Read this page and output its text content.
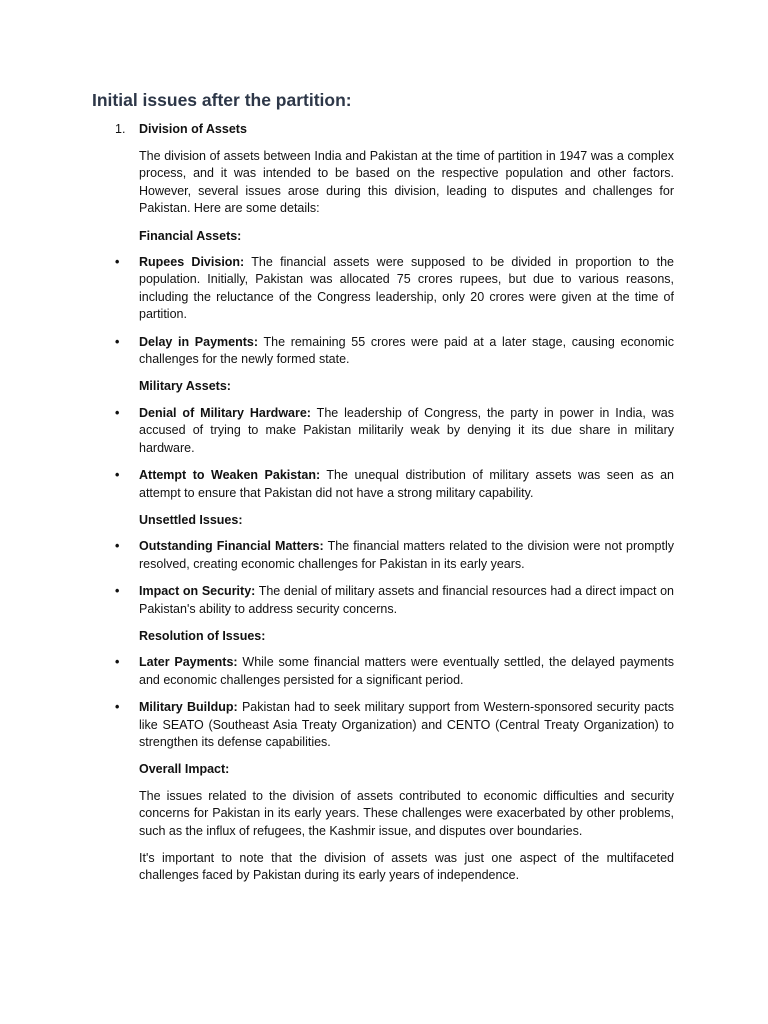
Initial issues after the partition:
1. Division of Assets

The division of assets between India and Pakistan at the time of partition in 1947 was a complex process, and it was intended to be based on the respective population and other factors. However, several issues arose during this division, leading to disputes and challenges for Pakistan. Here are some details:

Financial Assets:

• Rupees Division: The financial assets were supposed to be divided in proportion to the population. Initially, Pakistan was allocated 75 crores rupees, but due to various reasons, including the reluctance of the Congress leadership, only 20 crores were given at the time of partition.

• Delay in Payments: The remaining 55 crores were paid at a later stage, causing economic challenges for the newly formed state.

Military Assets:

• Denial of Military Hardware: The leadership of Congress, the party in power in India, was accused of trying to make Pakistan militarily weak by denying it its due share in military hardware.

• Attempt to Weaken Pakistan: The unequal distribution of military assets was seen as an attempt to ensure that Pakistan did not have a strong military capability.

Unsettled Issues:

• Outstanding Financial Matters: The financial matters related to the division were not promptly resolved, creating economic challenges for Pakistan in its early years.

• Impact on Security: The denial of military assets and financial resources had a direct impact on Pakistan's ability to address security concerns.

Resolution of Issues:

• Later Payments: While some financial matters were eventually settled, the delayed payments and economic challenges persisted for a significant period.

• Military Buildup: Pakistan had to seek military support from Western-sponsored security pacts like SEATO (Southeast Asia Treaty Organization) and CENTO (Central Treaty Organization) to strengthen its defense capabilities.

Overall Impact:

The issues related to the division of assets contributed to economic difficulties and security concerns for Pakistan in its early years. These challenges were exacerbated by other problems, such as the influx of refugees, the Kashmir issue, and disputes over boundaries.

It's important to note that the division of assets was just one aspect of the multifaceted challenges faced by Pakistan during its early years of independence.
